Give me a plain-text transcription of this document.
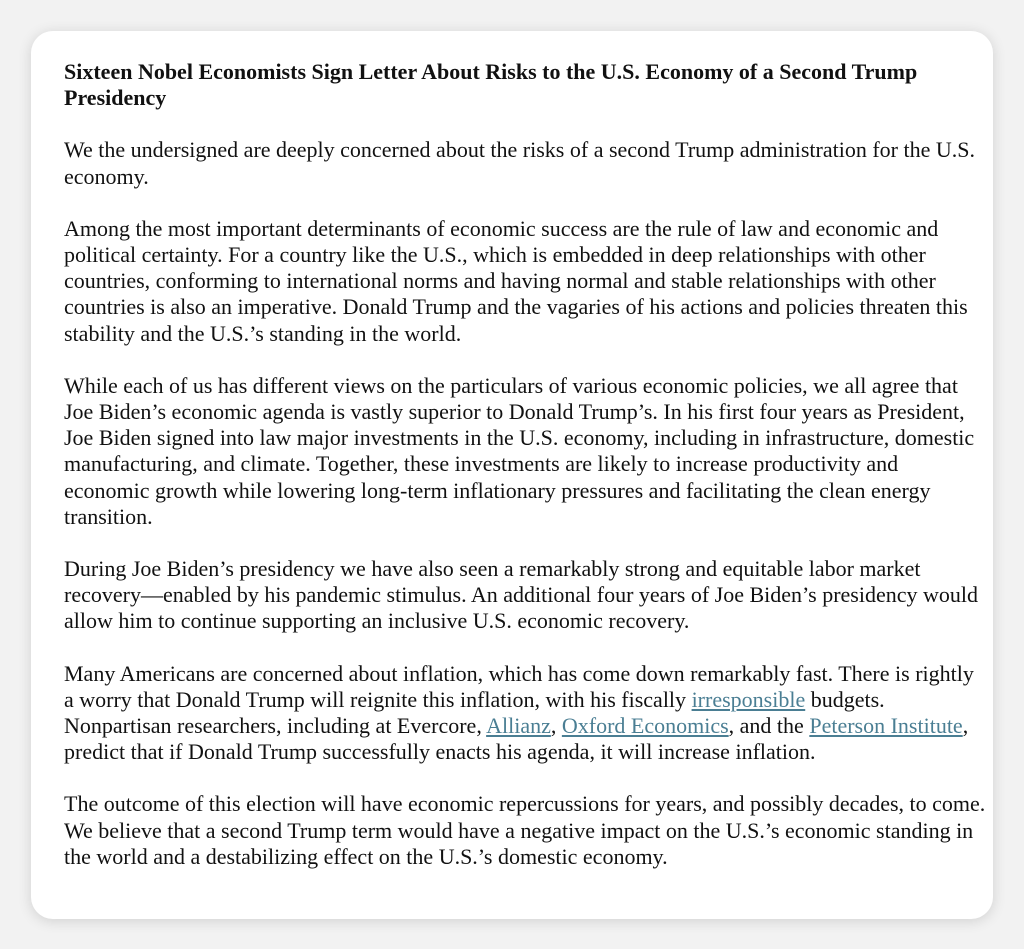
Sixteen Nobel Economists Sign Letter About Risks to the U.S. Economy of a Second Trump Presidency

We the undersigned are deeply concerned about the risks of a second Trump administration for the U.S. economy.

Among the most important determinants of economic success are the rule of law and economic and political certainty. For a country like the U.S., which is embedded in deep relationships with other countries, conforming to international norms and having normal and stable relationships with other countries is also an imperative. Donald Trump and the vagaries of his actions and policies threaten this stability and the U.S.’s standing in the world.

While each of us has different views on the particulars of various economic policies, we all agree that Joe Biden’s economic agenda is vastly superior to Donald Trump’s. In his first four years as President, Joe Biden signed into law major investments in the U.S. economy, including in infrastructure, domestic manufacturing, and climate. Together, these investments are likely to increase productivity and economic growth while lowering long-term inflationary pressures and facilitating the clean energy transition.

During Joe Biden’s presidency we have also seen a remarkably strong and equitable labor market recovery—enabled by his pandemic stimulus. An additional four years of Joe Biden’s presidency would allow him to continue supporting an inclusive U.S. economic recovery.

Many Americans are concerned about inflation, which has come down remarkably fast. There is rightly a worry that Donald Trump will reignite this inflation, with his fiscally irresponsible budgets. Nonpartisan researchers, including at Evercore, Allianz, Oxford Economics, and the Peterson Institute, predict that if Donald Trump successfully enacts his agenda, it will increase inflation.

The outcome of this election will have economic repercussions for years, and possibly decades, to come. We believe that a second Trump term would have a negative impact on the U.S.’s economic standing in the world and a destabilizing effect on the U.S.’s domestic economy.
